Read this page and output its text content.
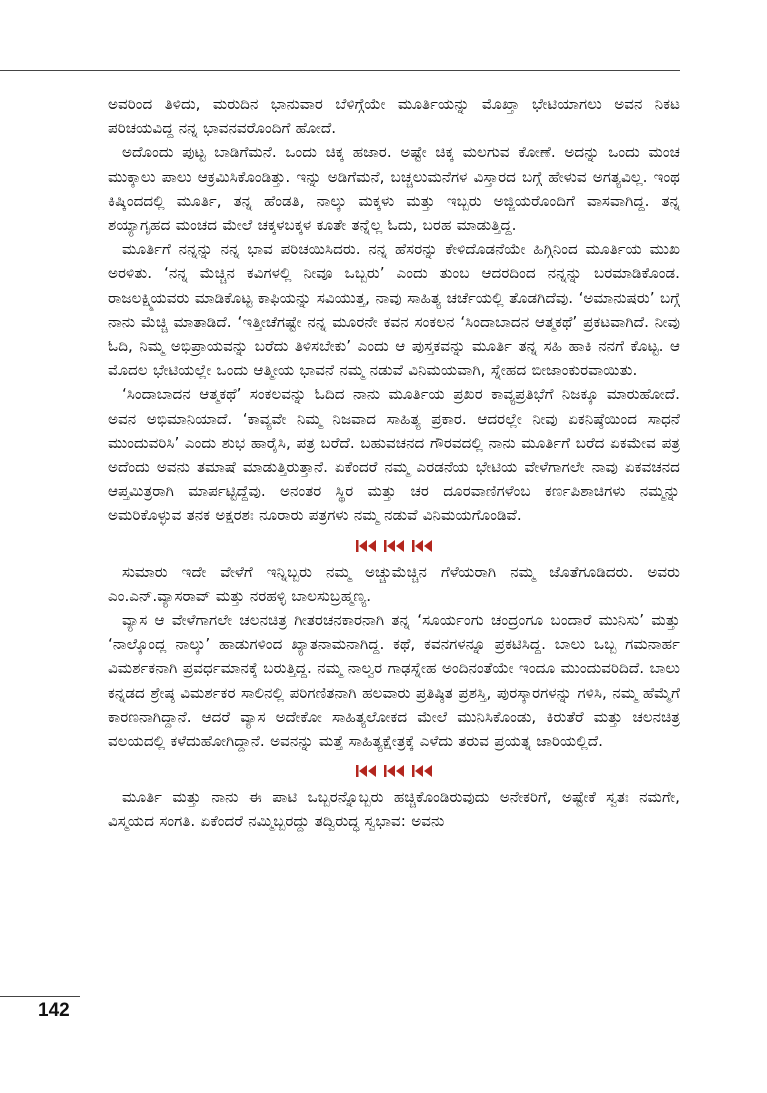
ಅವರಿಂದ ತಿಳಿದು, ಮರುದಿನ ಭಾನುವಾರ ಬೆಳಿಗ್ಗೆಯೇ ಮೂರ್ತಿಯನ್ನು ಮೊಖ್ತಾ ಭೇಟಿಯಾಗಲು ಅವನ ನಿಕಟ ಪರಿಚಯವಿದ್ದ ನನ್ನ ಭಾವನವರೊಂದಿಗೆ ಹೋದೆ.

ಅದೊಂದು ಪುಟ್ಟ ಬಾಡಿಗೆಮನೆ. ಒಂದು ಚಿಕ್ಕ ಹಜಾರ. ಅಷ್ಟೇ ಚಿಕ್ಕ ಮಲಗುವ ಕೋಣೆ. ಅದನ್ನು ಒಂದು ಮಂಚ ಮುಕ್ಕಾಲು ಪಾಲು ಆಕ್ರಮಿಸಿಕೊಂಡಿತ್ತು. ಇನ್ನು ಅಡಿಗೆಮನೆ, ಬಚ್ಚಲುಮನೆಗಳ ವಿಸ್ತಾರದ ಬಗ್ಗೆ ಹೇಳುವ ಅಗತ್ಯವಿಲ್ಲ. ಇಂಥ ಕಿಷ್ಕಿಂದದಲ್ಲಿ ಮೂರ್ತಿ, ತನ್ನ ಹೆಂಡತಿ, ನಾಲ್ಕು ಮಕ್ಕಳು ಮತ್ತು ಇಬ್ಬರು ಅಜ್ಜಿಯರೊಂದಿಗೆ ವಾಸವಾಗಿದ್ದ. ತನ್ನ ಶಯ್ಯಾಗೃಹದ ಮಂಚದ ಮೇಲೆ ಚಕ್ಕಳಬಕ್ಕಳ ಕೂತೇ ತನ್ನೆಲ್ಲ ಓದು, ಬರಹ ಮಾಡುತ್ತಿದ್ದ.

ಮೂರ್ತಿಗೆ ನನ್ನನ್ನು ನನ್ನ ಭಾವ ಪರಿಚಯಿಸಿದರು. ನನ್ನ ಹೆಸರನ್ನು ಕೇಳಿದೊಡನೆಯೇ ಹಿಗ್ಗಿನಿಂದ ಮೂರ್ತಿಯ ಮುಖ ಅರಳಿತು. ‘ನನ್ನ ಮೆಚ್ಚಿನ ಕವಿಗಳಲ್ಲಿ ನೀವೂ ಒಬ್ಬರು’ ಎಂದು ತುಂಬ ಆದರದಿಂದ ನನ್ನನ್ನು ಬರಮಾಡಿಕೊಂಡ. ರಾಜಲಕ್ಷ್ಮಿಯವರು ಮಾಡಿಕೊಟ್ಟ ಕಾಫಿಯನ್ನು ಸವಿಯುತ್ತ, ನಾವು ಸಾಹಿತ್ಯ ಚರ್ಚೆಯಲ್ಲಿ ತೊಡಗಿದೆವು. ‘ಅಮಾನುಷರು’ ಬಗ್ಗೆ ನಾನು ಮೆಚ್ಚಿ ಮಾತಾಡಿದೆ. ‘ಇತ್ತೀಚೆಗಷ್ಟೇ ನನ್ನ ಮೂರನೇ ಕವನ ಸಂಕಲನ ‘ಸಿಂದಾಬಾದನ ಆತ್ಮಕಥೆ’ ಪ್ರಕಟವಾಗಿದೆ. ನೀವು ಓದಿ, ನಿಮ್ಮ ಅಭಿಪ್ರಾಯವನ್ನು ಬರೆದು ತಿಳಿಸಬೇಕು’ ಎಂದು ಆ ಪುಸ್ತಕವನ್ನು ಮೂರ್ತಿ ತನ್ನ ಸಹಿ ಹಾಕಿ ನನಗೆ ಕೊಟ್ಟ. ಆ ಮೊದಲ ಭೇಟಿಯಲ್ಲೇ ಒಂದು ಆತ್ಮೀಯ ಭಾವನೆ ನಮ್ಮ ನಡುವೆ ವಿನಿಮಯವಾಗಿ, ಸ್ನೇಹದ ಬೀಜಾಂಕುರವಾಯಿತು.

‘ಸಿಂದಾಬಾದನ ಆತ್ಮಕಥೆ’ ಸಂಕಲವನ್ನು ಓದಿದ ನಾನು ಮೂರ್ತಿಯ ಪ್ರಖರ ಕಾವ್ಯಪ್ರತಿಭೆಗೆ ನಿಜಕ್ಕೂ ಮಾರುಹೋದೆ. ಅವನ ಅಭಿಮಾನಿಯಾದೆ. ‘ಕಾವ್ಯವೇ ನಿಮ್ಮ ನಿಜವಾದ ಸಾಹಿತ್ಯ ಪ್ರಕಾರ. ಆದರಲ್ಲೇ ನೀವು ಏಕನಿಷ್ಠೆಯಿಂದ ಸಾಧನೆ ಮುಂದುವರಿಸಿ’ ಎಂದು ಶುಭ ಹಾರೈಸಿ, ಪತ್ರ ಬರೆದೆ. ಬಹುವಚನದ ಗೌರವದಲ್ಲಿ ನಾನು ಮೂರ್ತಿಗೆ ಬರೆದ ಏಕಮೇವ ಪತ್ರ ಅದೆಂದು ಅವನು ತಮಾಷೆ ಮಾಡುತ್ತಿರುತ್ತಾನೆ. ಏಕೆಂದರೆ ನಮ್ಮ ಎರಡನೆಯ ಭೇಟಿಯ ವೇಳೆಗಾಗಲೇ ನಾವು ಏಕವಚನದ ಆಪ್ತಮಿತ್ರರಾಗಿ ಮಾರ್ಪಟ್ಟಿದ್ದೆವು. ಅನಂತರ ಸ್ಥಿರ ಮತ್ತು ಚರ ದೂರವಾಣಿಗಳೆಂಬ ಕರ್ಣಪಿಶಾಚಿಗಳು ನಮ್ಮನ್ನು ಅಮರಿಕೊಳ್ಳುವ ತನಕ ಅಕ್ಷರಶಃ ನೂರಾರು ಪತ್ರಗಳು ನಮ್ಮ ನಡುವೆ ವಿನಿಮಯಗೊಂಡಿವೆ.

ಸುಮಾರು ಇದೇ ವೇಳೆಗೆ ಇನ್ನಿಬ್ಬರು ನಮ್ಮ ಅಚ್ಚುಮೆಚ್ಚಿನ ಗೆಳೆಯರಾಗಿ ನಮ್ಮ ಜೊತೆಗೂಡಿದರು. ಅವರು ಎಂ.ಎನ್.ವ್ಯಾಸರಾವ್ ಮತ್ತು ನರಹಳ್ಳಿ ಬಾಲಸುಬ್ರಹ್ಮಣ್ಯ.

ವ್ಯಾಸ ಆ ವೇಳೆಗಾಗಲೇ ಚಲನಚಿತ್ರ ಗೀತರಚನಕಾರನಾಗಿ ತನ್ನ ‘ಸೂರ್ಯಂಗು ಚಂದ್ರಂಗೂ ಬಂದಾರೆ ಮುನಿಸು’ ಮತ್ತು ‘ನಾಲ್ಕೊಂದ್ಲ ನಾಲ್ಕು’ ಹಾಡುಗಳಿಂದ ಖ್ಯಾತನಾಮನಾಗಿದ್ದ. ಕಥೆ, ಕವನಗಳನ್ನೂ ಪ್ರಕಟಿಸಿದ್ದ. ಬಾಲು ಒಬ್ಬ ಗಮನಾರ್ಹ ವಿಮರ್ಶಕನಾಗಿ ಪ್ರವರ್ಧಮಾನಕ್ಕೆ ಬರುತ್ತಿದ್ದ. ನಮ್ಮ ನಾಲ್ವರ ಗಾಢಸ್ನೇಹ ಅಂದಿನಂತೆಯೇ ಇಂದೂ ಮುಂದುವರಿದಿದೆ. ಬಾಲು ಕನ್ನಡದ ಶ್ರೇಷ್ಠ ವಿಮರ್ಶಕರ ಸಾಲಿನಲ್ಲಿ ಪರಿಗಣಿತನಾಗಿ ಹಲವಾರು ಪ್ರತಿಷ್ಠಿತ ಪ್ರಶಸ್ತಿ, ಪುರಸ್ಕಾರಗಳನ್ನು ಗಳಿಸಿ, ನಮ್ಮ ಹೆಮ್ಮೆಗೆ ಕಾರಣನಾಗಿದ್ದಾನೆ. ಆದರೆ ವ್ಯಾಸ ಅದೇಕೋ ಸಾಹಿತ್ಯಲೋಕದ ಮೇಲೆ ಮುನಿಸಿಕೊಂಡು, ಕಿರುತೆರೆ ಮತ್ತು ಚಲನಚಿತ್ರ ವಲಯದಲ್ಲಿ ಕಳೆದುಹೋಗಿದ್ದಾನೆ. ಅವನನ್ನು ಮತ್ತೆ ಸಾಹಿತ್ಯಕ್ಷೇತ್ರಕ್ಕೆ ಎಳೆದು ತರುವ ಪ್ರಯತ್ನ ಜಾರಿಯಲ್ಲಿದೆ.

ಮೂರ್ತಿ ಮತ್ತು ನಾನು ಈ ಪಾಟಿ ಒಬ್ಬರನ್ನೊಬ್ಬರು ಹಚ್ಚಿಕೊಂಡಿರುವುದು ಅನೇಕರಿಗೆ, ಅಷ್ಟೇಕೆ ಸ್ವತಃ ನಮಗೇ, ವಿಸ್ಮಯದ ಸಂಗತಿ. ಏಕೆಂದರೆ ನಮ್ಮಿಬ್ಬರದ್ದು ತದ್ವಿರುದ್ಧ ಸ್ವಭಾವ: ಅವನು

142
